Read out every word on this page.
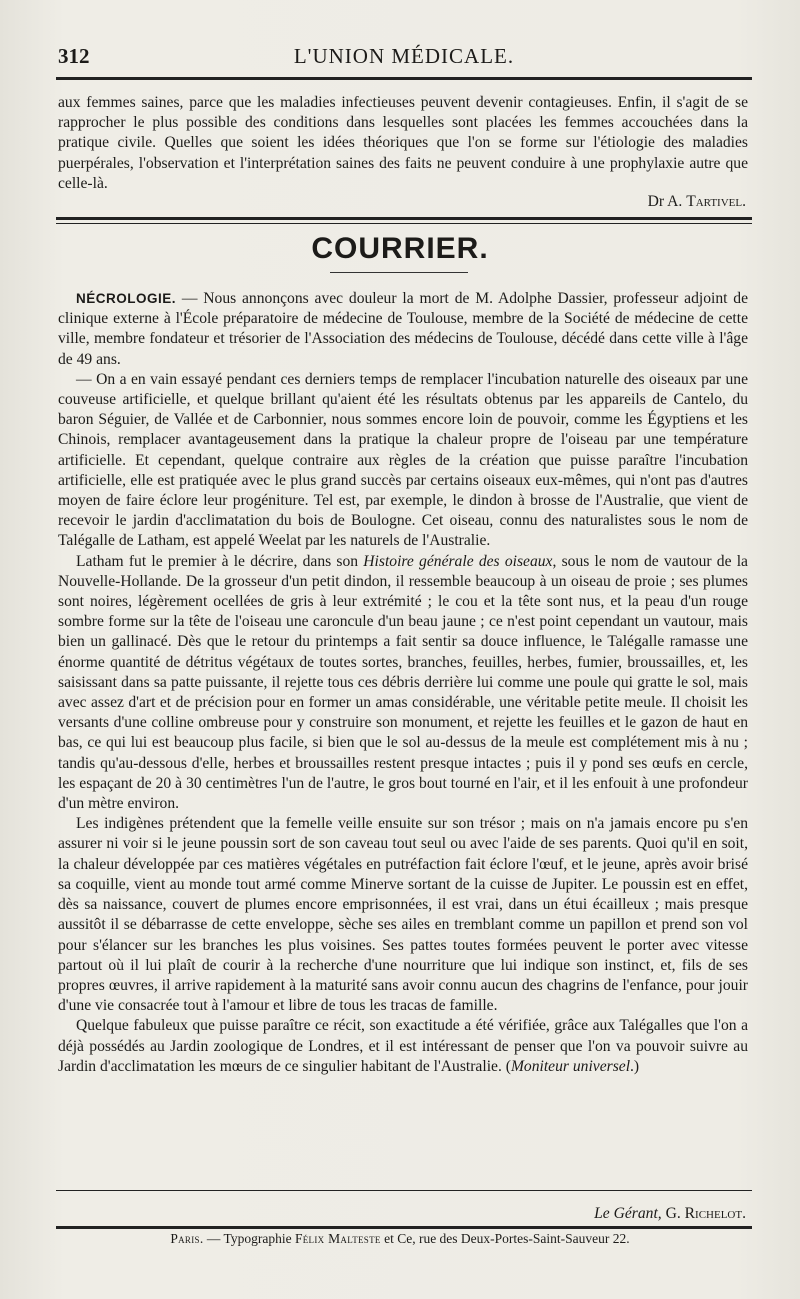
312	L'UNION MÉDICALE.

aux femmes saines, parce que les maladies infectieuses peuvent devenir contagieuses. Enfin, il s'agit de se rapprocher le plus possible des conditions dans lesquelles sont placées les femmes accouchées dans la pratique civile. Quelles que soient les idées théoriques que l'on se forme sur l'étiologie des maladies puerpérales, l'observation et l'interprétation saines des faits ne peuvent conduire à une prophylaxie autre que celle-là.

Dr A. Tartivel.
COURRIER.

NÉCROLOGIE. — Nous annonçons avec douleur la mort de M. Adolphe Dassier, professeur adjoint de clinique externe à l'École préparatoire de médecine de Toulouse, membre de la Société de médecine de cette ville, membre fondateur et trésorier de l'Association des médecins de Toulouse, décédé dans cette ville à l'âge de 49 ans.

— On a en vain essayé pendant ces derniers temps de remplacer l'incubation naturelle des oiseaux par une couveuse artificielle, et quelque brillant qu'aient été les résultats obtenus par les appareils de Cantelo, du baron Séguier, de Vallée et de Carbonnier, nous sommes encore loin de pouvoir, comme les Égyptiens et les Chinois, remplacer avantageusement dans la pratique la chaleur propre de l'oiseau par une température artificielle. Et cependant, quelque contraire aux règles de la création que puisse paraître l'incubation artificielle, elle est pratiquée avec le plus grand succès par certains oiseaux eux-mêmes, qui n'ont pas d'autres moyen de faire éclore leur progéniture. Tel est, par exemple, le dindon à brosse de l'Australie, que vient de recevoir le jardin d'acclimatation du bois de Boulogne. Cet oiseau, connu des naturalistes sous le nom de Talégalle de Latham, est appelé Weelat par les naturels de l'Australie.

Latham fut le premier à le décrire, dans son Histoire générale des oiseaux, sous le nom de vautour de la Nouvelle-Hollande. De la grosseur d'un petit dindon, il ressemble beaucoup à un oiseau de proie ; ses plumes sont noires, légèrement ocellées de gris à leur extrémité ; le cou et la tête sont nus, et la peau d'un rouge sombre forme sur la tête de l'oiseau une caroncule d'un beau jaune ; ce n'est point cependant un vautour, mais bien un gallinacé. Dès que le retour du printemps a fait sentir sa douce influence, le Talégalle ramasse une énorme quantité de détritus végétaux de toutes sortes, branches, feuilles, herbes, fumier, broussailles, et, les saisissant dans sa patte puissante, il rejette tous ces débris derrière lui comme une poule qui gratte le sol, mais avec assez d'art et de précision pour en former un amas considérable, une véritable petite meule. Il choisit les versants d'une colline ombreuse pour y construire son monument, et rejette les feuilles et le gazon de haut en bas, ce qui lui est beaucoup plus facile, si bien que le sol au-dessus de la meule est complétement mis à nu ; tandis qu'au-dessous d'elle, herbes et broussailles restent presque intactes ; puis il y pond ses œufs en cercle, les espaçant de 20 à 30 centimètres l'un de l'autre, le gros bout tourné en l'air, et il les enfouit à une profondeur d'un mètre environ.

Les indigènes prétendent que la femelle veille ensuite sur son trésor ; mais on n'a jamais encore pu s'en assurer ni voir si le jeune poussin sort de son caveau tout seul ou avec l'aide de ses parents. Quoi qu'il en soit, la chaleur développée par ces matières végétales en putréfaction fait éclore l'œuf, et le jeune, après avoir brisé sa coquille, vient au monde tout armé comme Minerve sortant de la cuisse de Jupiter. Le poussin est en effet, dès sa naissance, couvert de plumes encore emprisonnées, il est vrai, dans un étui écailleux ; mais presque aussitôt il se débarrasse de cette enveloppe, sèche ses ailes en tremblant comme un papillon et prend son vol pour s'élancer sur les branches les plus voisines. Ses pattes toutes formées peuvent le porter avec vitesse partout où il lui plaît de courir à la recherche d'une nourriture que lui indique son instinct, et, fils de ses propres œuvres, il arrive rapidement à la maturité sans avoir connu aucun des chagrins de l'enfance, pour jouir d'une vie consacrée tout à l'amour et libre de tous les tracas de famille.

Quelque fabuleux que puisse paraître ce récit, son exactitude a été vérifiée, grâce aux Talégalles que l'on a déjà possédés au Jardin zoologique de Londres, et il est intéressant de penser que l'on va pouvoir suivre au Jardin d'acclimatation les mœurs de ce singulier habitant de l'Australie. (Moniteur universel.)

Le Gérant, G. Richelot.
Paris. — Typographie Félix Malteste et Ce, rue des Deux-Portes-Saint-Sauveur 22.
